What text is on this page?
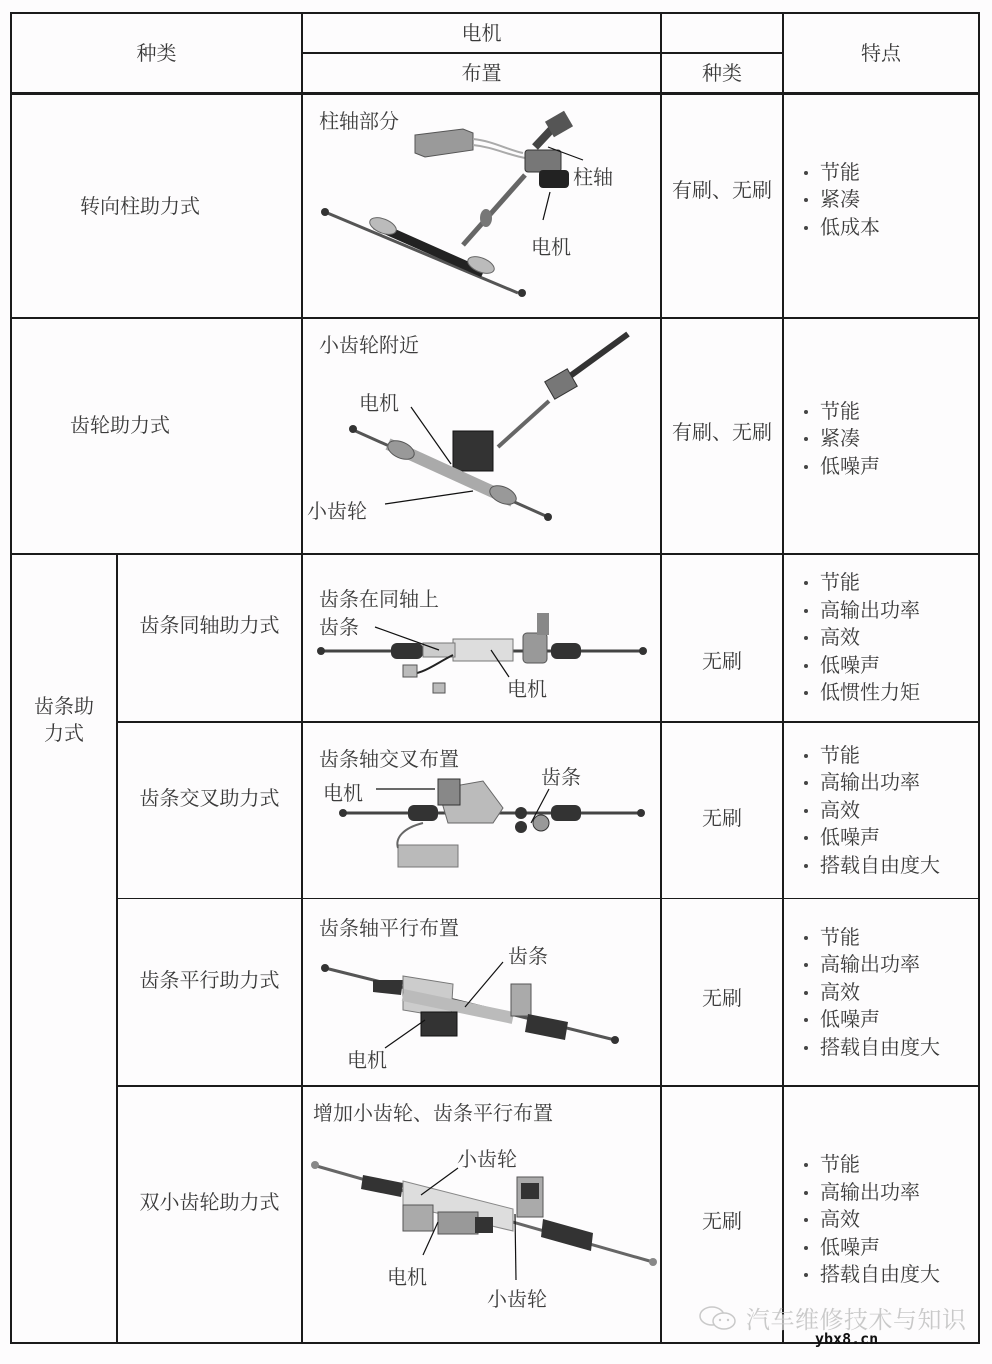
种类
电机
布置	种类
特点
转向柱助力式
柱轴部分
柱轴
电机
有刷、无刷
节能
紧凑
低成本
齿轮助力式
小齿轮附近
电机
小齿轮
有刷、无刷
节能
紧凑
低噪声
齿条助
力式
齿条同轴助力式
齿条在同轴上
齿条
电机
无刷
节能
高输出功率
高效
低噪声
低惯性力矩
齿条交叉助力式
齿条轴交叉布置
电机
齿条
无刷
节能
高输出功率
高效
低噪声
搭载自由度大
齿条平行助力式
齿条轴平行布置
齿条
电机
无刷
节能
高输出功率
高效
低噪声
搭载自由度大
双小齿轮助力式
增加小齿轮、齿条平行布置
小齿轮
电机
小齿轮
无刷
节能
高输出功率
高效
低噪声
搭载自由度大
汽车维修技术与知识
ybx8.cn
